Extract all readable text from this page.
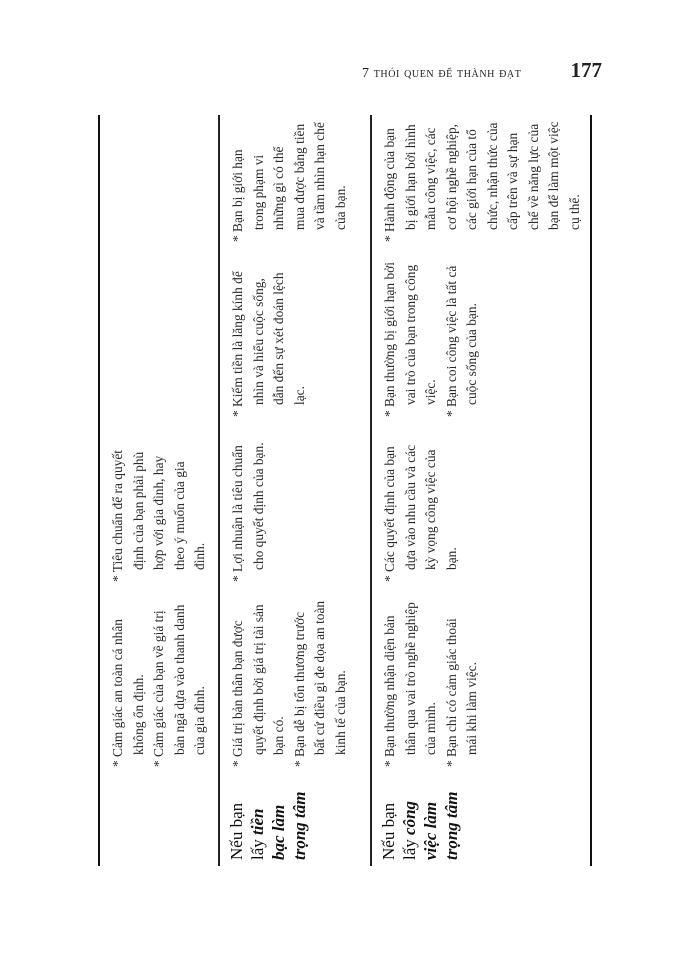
7 thói quen để thành đạt 177

* Cảm giác an toàn cá nhân không ổn định. * Cảm giác của bạn về giá trị bản ngã dựa vào thanh danh của gia đình.

* Tiêu chuẩn để ra quyết định của bạn phải phù hợp với gia đình, hay theo ý muốn của gia đình.

Nếu bạn lấy tiền bạc làm trọng tâm

* Giá trị bản thân bạn được quyết định bởi giá trị tài sản bạn có. * Bạn dễ bị tổn thương trước bất cứ điều gì đe dọa an toàn kinh tế của bạn.

* Lợi nhuận là tiêu chuẩn cho quyết định của bạn.

* Kiếm tiền là lăng kính để nhìn và hiểu cuộc sống, dẫn đến sự xét đoán lệch lạc.

* Bạn bị giới hạn trong phạm vi những gì có thể mua được bằng tiền và tầm nhìn hạn chế của bạn.

Nếu bạn lấy công việc làm trọng tâm

* Bạn thường nhận diện bản thân qua vai trò nghề nghiệp của mình. * Bạn chỉ có cảm giác thoải mái khi làm việc.

* Các quyết định của bạn dựa vào nhu cầu và các kỳ vọng công việc của bạn.

* Bạn thường bị giới hạn bởi vai trò của bạn trong công việc. * Bạn coi công việc là tất cả cuộc sống của bạn.

* Hành động của bạn bị giới hạn bởi hình mẫu công việc, các cơ hội nghề nghiệp, các giới hạn của tổ chức, nhận thức của cấp trên và sự hạn chế về năng lực của bạn để làm một việc cụ thể.
